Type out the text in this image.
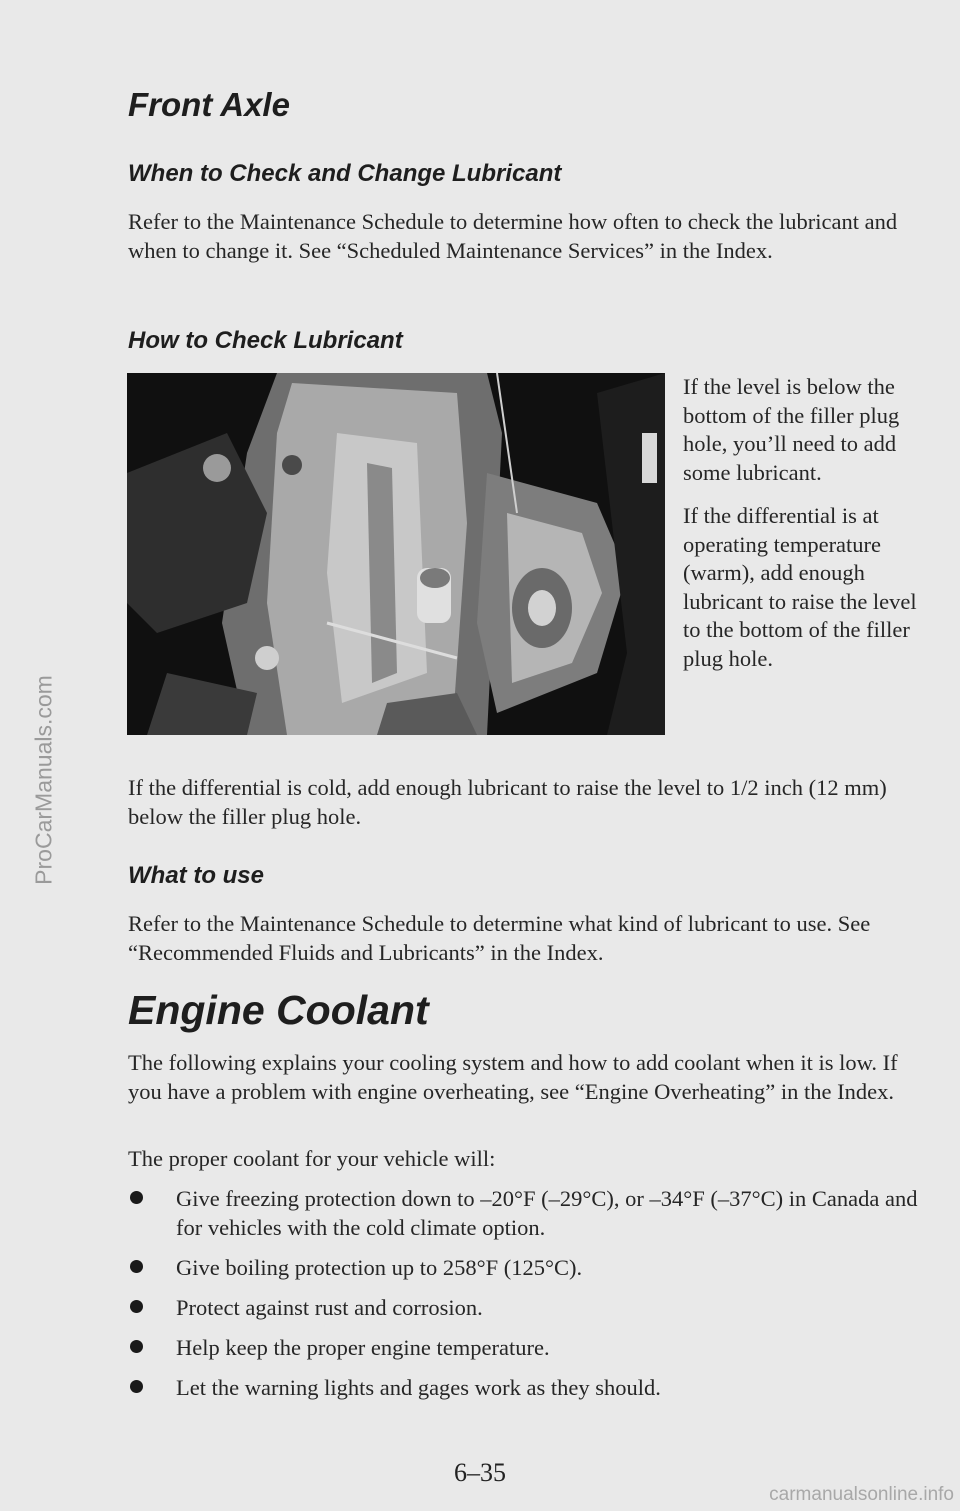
Front Axle
When to Check and Change Lubricant

Refer to the Maintenance Schedule to determine how often to check the lubricant and when to change it. See “Scheduled Maintenance Services” in the Index.

How to Check Lubricant

If the level is below the bottom of the filler plug hole, you’ll need to add some lubricant.

If the differential is at operating temperature (warm), add enough lubricant to raise the level to the bottom of the filler plug hole.

If the differential is cold, add enough lubricant to raise the level to 1/2 inch (12 mm) below the filler plug hole.

What to use

Refer to the Maintenance Schedule to determine what kind of lubricant to use. See “Recommended Fluids and Lubricants” in the Index.

Engine Coolant

The following explains your cooling system and how to add coolant when it is low. If you have a problem with engine overheating, see “Engine Overheating” in the Index.

The proper coolant for your vehicle will:

Give freezing protection down to –20°F (–29°C), or –34°F (–37°C) in Canada and for vehicles with the cold climate option.
Give boiling protection up to 258°F (125°C).
Protect against rust and corrosion.
Help keep the proper engine temperature.
Let the warning lights and gages work as they should.
6–35
ProCarManuals.com
carmanualsonline.info
